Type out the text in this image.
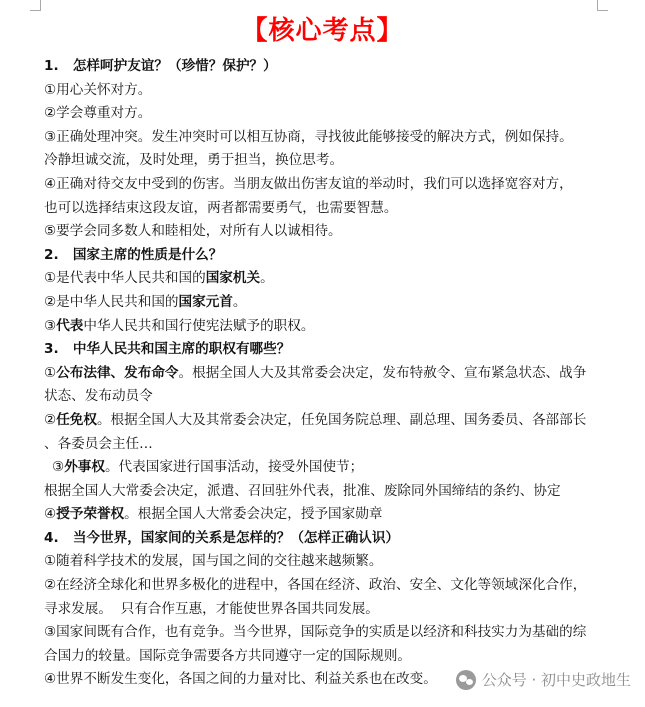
【核心考点】
1.   怎样呵护友谊？（珍惜？保护？）
①用心关怀对方。
②学会尊重对方。
③正确处理冲突。发生冲突时可以相互协商，寻找彼此能够接受的解决方式，例如保持。
冷静坦诚交流，及时处理，勇于担当，换位思考。
④正确对待交友中受到的伤害。当朋友做出伤害友谊的举动时，我们可以选择宽容对方，
也可以选择结束这段友谊，两者都需要勇气，也需要智慧。
⑤要学会同多数人和睦相处，对所有人以诚相待。
2.   国家主席的性质是什么？
①是代表中华人民共和国的国家机关。
②是中华人民共和国的国家元首。
③代表中华人民共和国行使宪法赋予的职权。
3.   中华人民共和国主席的职权有哪些？
①公布法律、发布命令。根据全国人大及其常委会决定，发布特赦令、宣布紧急状态、战争
状态、发布动员令
②任免权。根据全国人大及其常委会决定，任免国务院总理、副总理、国务委员、各部部长
、各委员会主任…
③外事权。代表国家进行国事活动，接受外国使节；
根据全国人大常委会决定，派遣、召回驻外代表，批准、废除同外国缔结的条约、协定
④授予荣誉权。根据全国人大常委会决定，授予国家勋章
4.   当今世界，国家间的关系是怎样的？（怎样正确认识）
①随着科学技术的发展，国与国之间的交往越来越频繁。
②在经济全球化和世界多极化的进程中，各国在经济、政治、安全、文化等领域深化合作，
寻求发展。  只有合作互惠，才能使世界各国共同发展。
③国家间既有合作，也有竞争。当今世界，国际竞争的实质是以经济和科技实力为基础的综
合国力的较量。国际竞争需要各方共同遵守一定的国际规则。
④世界不断发生变化，各国之间的力量对比、利益关系也在改变。	公众号 · 初中史政地生
